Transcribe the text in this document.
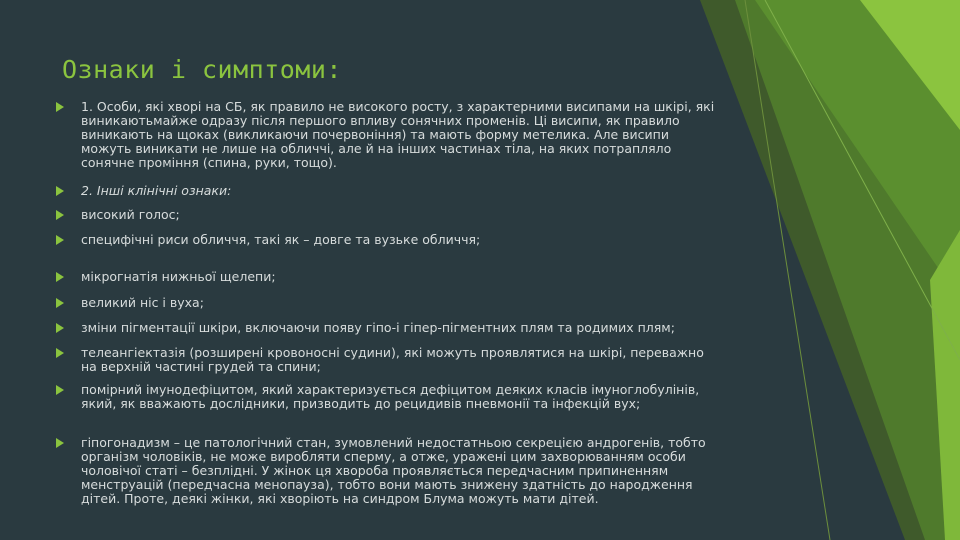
Ознаки і симптоми:
1. Особи, які хворі на СБ, як правило не високого росту, з характерними висипами на шкірі, які виникаютьмайже одразу після першого впливу сонячних променів. Ці висипи, як правило виникають на щоках (викликаючи почервоніння) та мають форму метелика. Але висипи можуть виникати не лише на обличчі, але й на інших частинах тіла, на яких потрапляло сонячне проміння (спина, руки, тощо).
2. Інші клінічні ознаки:
високий голос;
специфічні риси обличчя, такі як – довге та вузьке обличчя;
мікрогнатія нижньої щелепи;
великий ніс і вуха;
зміни пігментації шкіри, включаючи появу гіпо-і гіпер-пігментних плям та родимих плям;
телеангіектазія (розширені кровоносні судини), які можуть проявлятися на шкірі, переважно на верхній частині грудей та спини;
помірний імунодефіцитом, який характеризується дефіцитом деяких класів імуноглобулінів, який, як вважають дослідники, призводить до рецидивів пневмонії та інфекцій вух;
гіпогонадизм – це патологічний стан, зумовлений недостатньою секрецією андрогенів, тобто організм чоловіків, не може виробляти сперму, а отже, уражені цим захворюванням особи чоловічої статі – безплідні. У жінок ця хвороба проявляється передчасним припиненням менструацій (передчасна менопауза), тобто вони мають знижену здатність до народження дітей. Проте, деякі жінки, які хворіють на синдром Блума можуть мати дітей.
